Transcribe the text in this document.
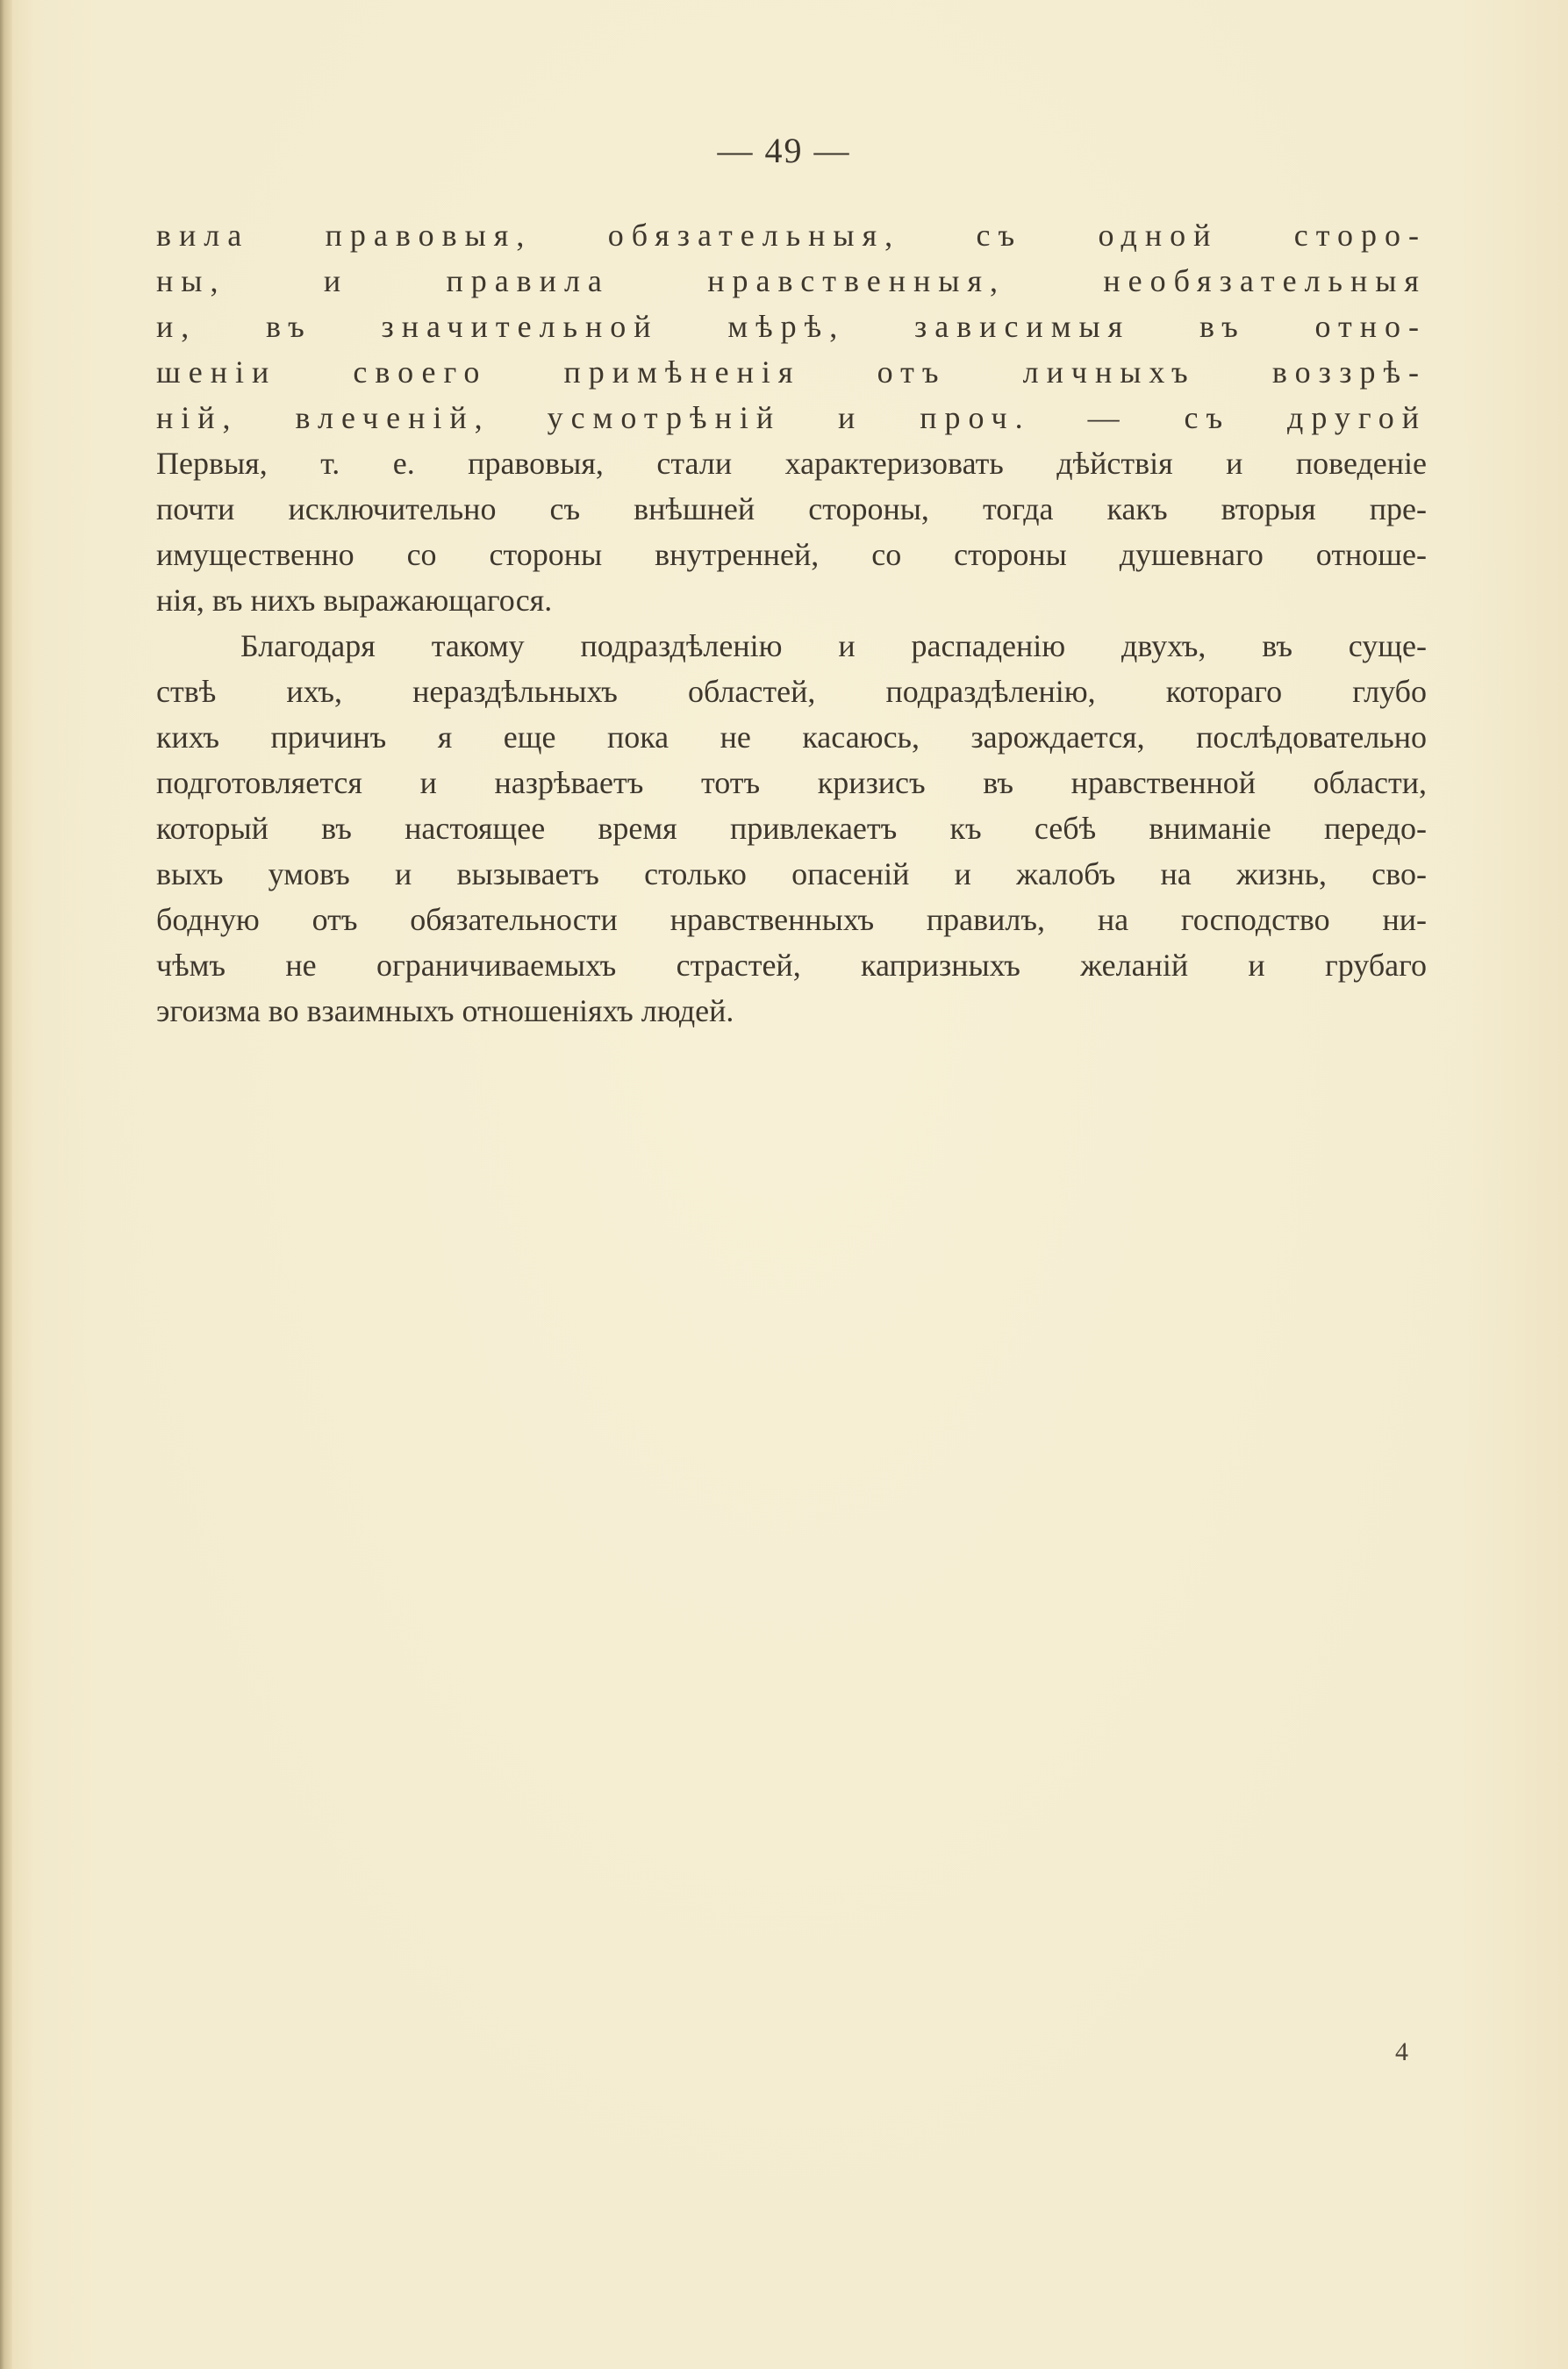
— 49 —
вила правовыя, обязательныя, съ одной сторо-
ны, и правила нравственныя, необязательныя
и, въ значительной мѣрѣ, зависимыя въ отно-
шеніи своего примѣненія отъ личныхъ воззрѣ-
ній, влеченій, усмотрѣній и проч. — съ другой
Первыя, т. е. правовыя, стали характеризовать дѣйствія и поведеніе
почти исключительно съ внѣшней стороны, тогда какъ вторыя пре-
имущественно со стороны внутренней, со стороны душевнаго отноше-
нія, въ нихъ выражающагося.
Благодаря такому подраздѣленію и распаденію двухъ, въ суще-
ствѣ ихъ, нераздѣльныхъ областей, подраздѣленію, котораго глубо
кихъ причинъ я еще пока не касаюсь, зарождается, послѣдовательно
подготовляется и назрѣваетъ тотъ кризисъ въ нравственной области,
который въ настоящее время привлекаетъ къ себѣ вниманіе передо-
выхъ умовъ и вызываетъ столько опасеній и жалобъ на жизнь, сво-
бодную отъ обязательности нравственныхъ правилъ, на господство ни-
чѣмъ не ограничиваемыхъ страстей, капризныхъ желаній и грубаго
эгоизма во взаимныхъ отношеніяхъ людей.
4
